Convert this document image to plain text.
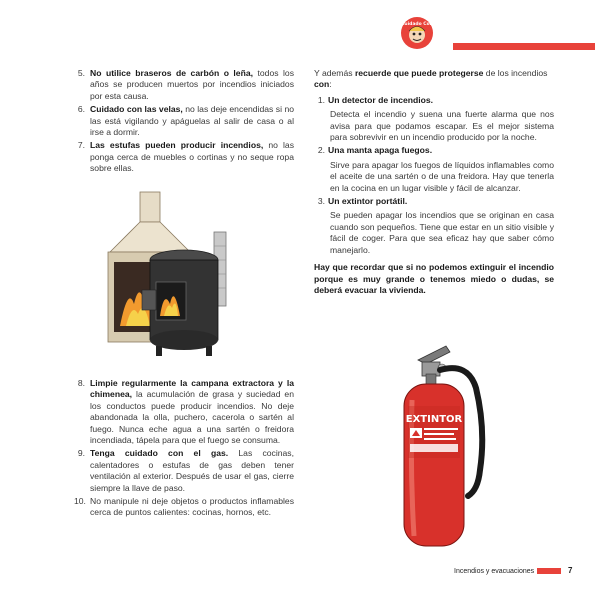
Cuidado Con
5. No utilice braseros de carbón o leña, todos los años se producen muertos por incendios iniciados por esta causa.
6. Cuidado con las velas, no las deje encendidas si no las está vigilando y apáguelas al salir de casa o al irse a dormir.
7. Las estufas pueden producir incendios, no las ponga cerca de muebles o cortinas y no seque ropa sobre ellas.
8. Limpie regularmente la campana extractora y la chimenea, la acumulación de grasa y suciedad en los conductos puede producir incendios. No deje abandonada la olla, puchero, cacerola o sartén al fuego. Nunca eche agua a una sartén o freidora incendiada, tápela para que el fuego se consuma.
9. Tenga cuidado con el gas. Las cocinas, calentadores o estufas de gas deben tener ventilación al exterior. Después de usar el gas, cierre siempre la llave de paso.
10. No manipule ni deje objetos o productos inflamables cerca de puntos calientes: cocinas, hornos, etc.

Y además recuerde que puede protegerse de los incendios con:

1. Un detector de incendios.
Detecta el incendio y suena una fuerte alarma que nos avisa para que podamos escapar. Es el mejor sistema para sobrevivir en un incendio producido por la noche.
2. Una manta apaga fuegos.
Sirve para apagar los fuegos de líquidos inflamables como el aceite de una sartén o de una freidora. Hay que tenerla en la cocina en un lugar visible y fácil de alcanzar.
3. Un extintor portátil.
Se pueden apagar los incendios que se originan en casa cuando son pequeños. Tiene que estar en un sitio visible y fácil de coger. Para que sea eficaz hay que saber cómo manejarlo.

Hay que recordar que si no podemos extinguir el incendio porque es muy grande o tenemos miedo o dudas, se deberá evacuar la vivienda.

EXTINTOR
Incendios y evacuaciones	7
